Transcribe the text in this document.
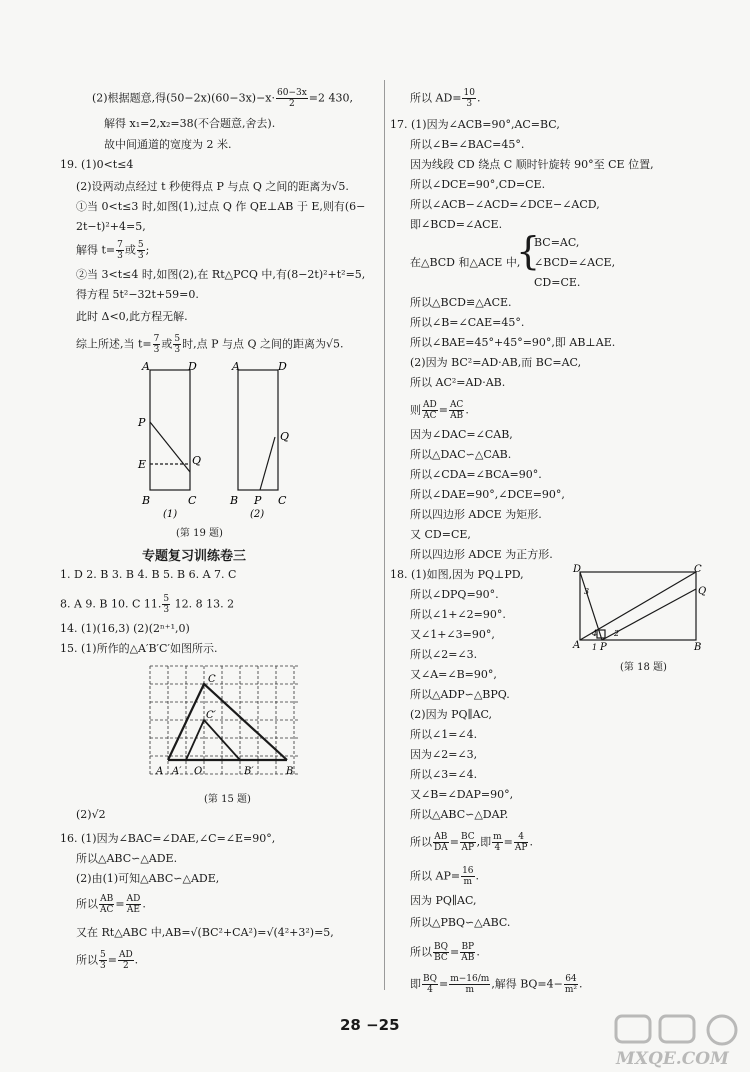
(2)根据题意,得$(50-2x)(60-3x)-x\cdot \frac{60-3x}{2} =2$ 430,
解得 x₁=2,x₂=38(不合题意,舍去).
故中间通道的宽度为 2 米.
19. (1)0<t≤4
(2)设两动点经过 t 秒使得点 P 与点 Q 之间的距离为√5.
①当 0<t≤3 时,如图(1),过点 Q 作 QE⊥AB 于 E,则有(6−
2t−t)²+4=5,
解得 $t= \frac{7}{3}$ 或 $\frac{5}{3}$ ;
②当 3<t≤4 时,如图(2),在 Rt△PCQ 中,有(8−2t)²+t²=5,
得方程 5t²−32t+59=0.
此时 Δ<0,此方程无解.
综上所述,当 $t= \frac{7}{3}$ 或 $\frac{5}{3}$ 时,点 P 与点 Q 之间的距离为√5.
A	D
P
Q
E
B	C
A	D
Q
B P C
(1)	(2)
(第 19 题)
专题复习训练卷三
1. D 2. B 3. B 4. B 5. B 6. A 7. C
8. A 9. B 10. C 11. $\frac{5}{3} 12$. 8 13. 2
14. (1)(16,3) (2)(2ⁿ⁺¹,0)
15. (1)所作的△A′B′C′如图所示.
A A′ O	B′	B
C
C′
(第 15 题)
(2)√2
16. (1)因为∠BAC=∠DAE,∠C=∠E=90°,
所以△ABC∽△ADE.
(2)由(1)可知△ABC∽△ADE,
所以 $\frac{AB}{AC} = \frac{AD}{AE}$ .
又在 Rt△ABC 中,AB=√(BC²+CA²)=√(4²+3²)=5,
所以 $\frac{5}{3} = \frac{AD}{2}$ .
所以 $AD= \frac{10}{3}$ .
17. (1)因为∠ACB=90°,AC=BC,
所以∠B=∠BAC=45°.
因为线段 CD 绕点 C 顺时针旋转 90°至 CE 位置,
所以∠DCE=90°,CD=CE.
所以∠ACB−∠ACD=∠DCE−∠ACD,
即∠BCD=∠ACE.
在△BCD 和△ACE 中,
{
BC=AC,
∠BCD=∠ACE,
CD=CE.
所以△BCD≌△ACE.
所以∠B=∠CAE=45°.
所以∠BAE=45°+45°=90°,即 AB⊥AE.
(2)因为 BC²=AD·AB,而 BC=AC,
所以 AC²=AD·AB.
则 $\frac{AD}{AC} = \frac{AC}{AB}$ .
因为∠DAC=∠CAB,
所以△DAC∽△CAB.
所以∠CDA=∠BCA=90°.
所以∠DAE=90°,∠DCE=90°,
所以四边形 ADCE 为矩形.
又 CD=CE,
所以四边形 ADCE 为正方形.
18. (1)如图,因为 PQ⊥PD,
所以∠DPQ=90°.
所以∠1+∠2=90°.
又∠1+∠3=90°,
所以∠2=∠3.
又∠A=∠B=90°,
所以△ADP∽△BPQ.
(2)因为 PQ∥AC,
所以∠1=∠4.
因为∠2=∠3,
所以∠3=∠4.
又∠B=∠DAP=90°,
所以△ABC∽△DAP.
所以 $\frac{AB}{DA} = \frac{BC}{AP}$ ,即 $\frac{m}{4} = \frac{4}{AP}$ .
所以 $AP= \frac{16}{m}$ .
因为 PQ∥AC,
所以△PBQ∽△ABC.
所以 $\frac{BQ}{BC} = \frac{BP}{AB}$ .
即 $\frac{BQ}{4} = \frac{m-16/m}{m}$ ,解得 $BQ=4- \frac{64}{\text{m²}}$ .
D	C
Q
A P	B
1
2
3
4
(第 18 题)
28 −25
MXQE.COM
